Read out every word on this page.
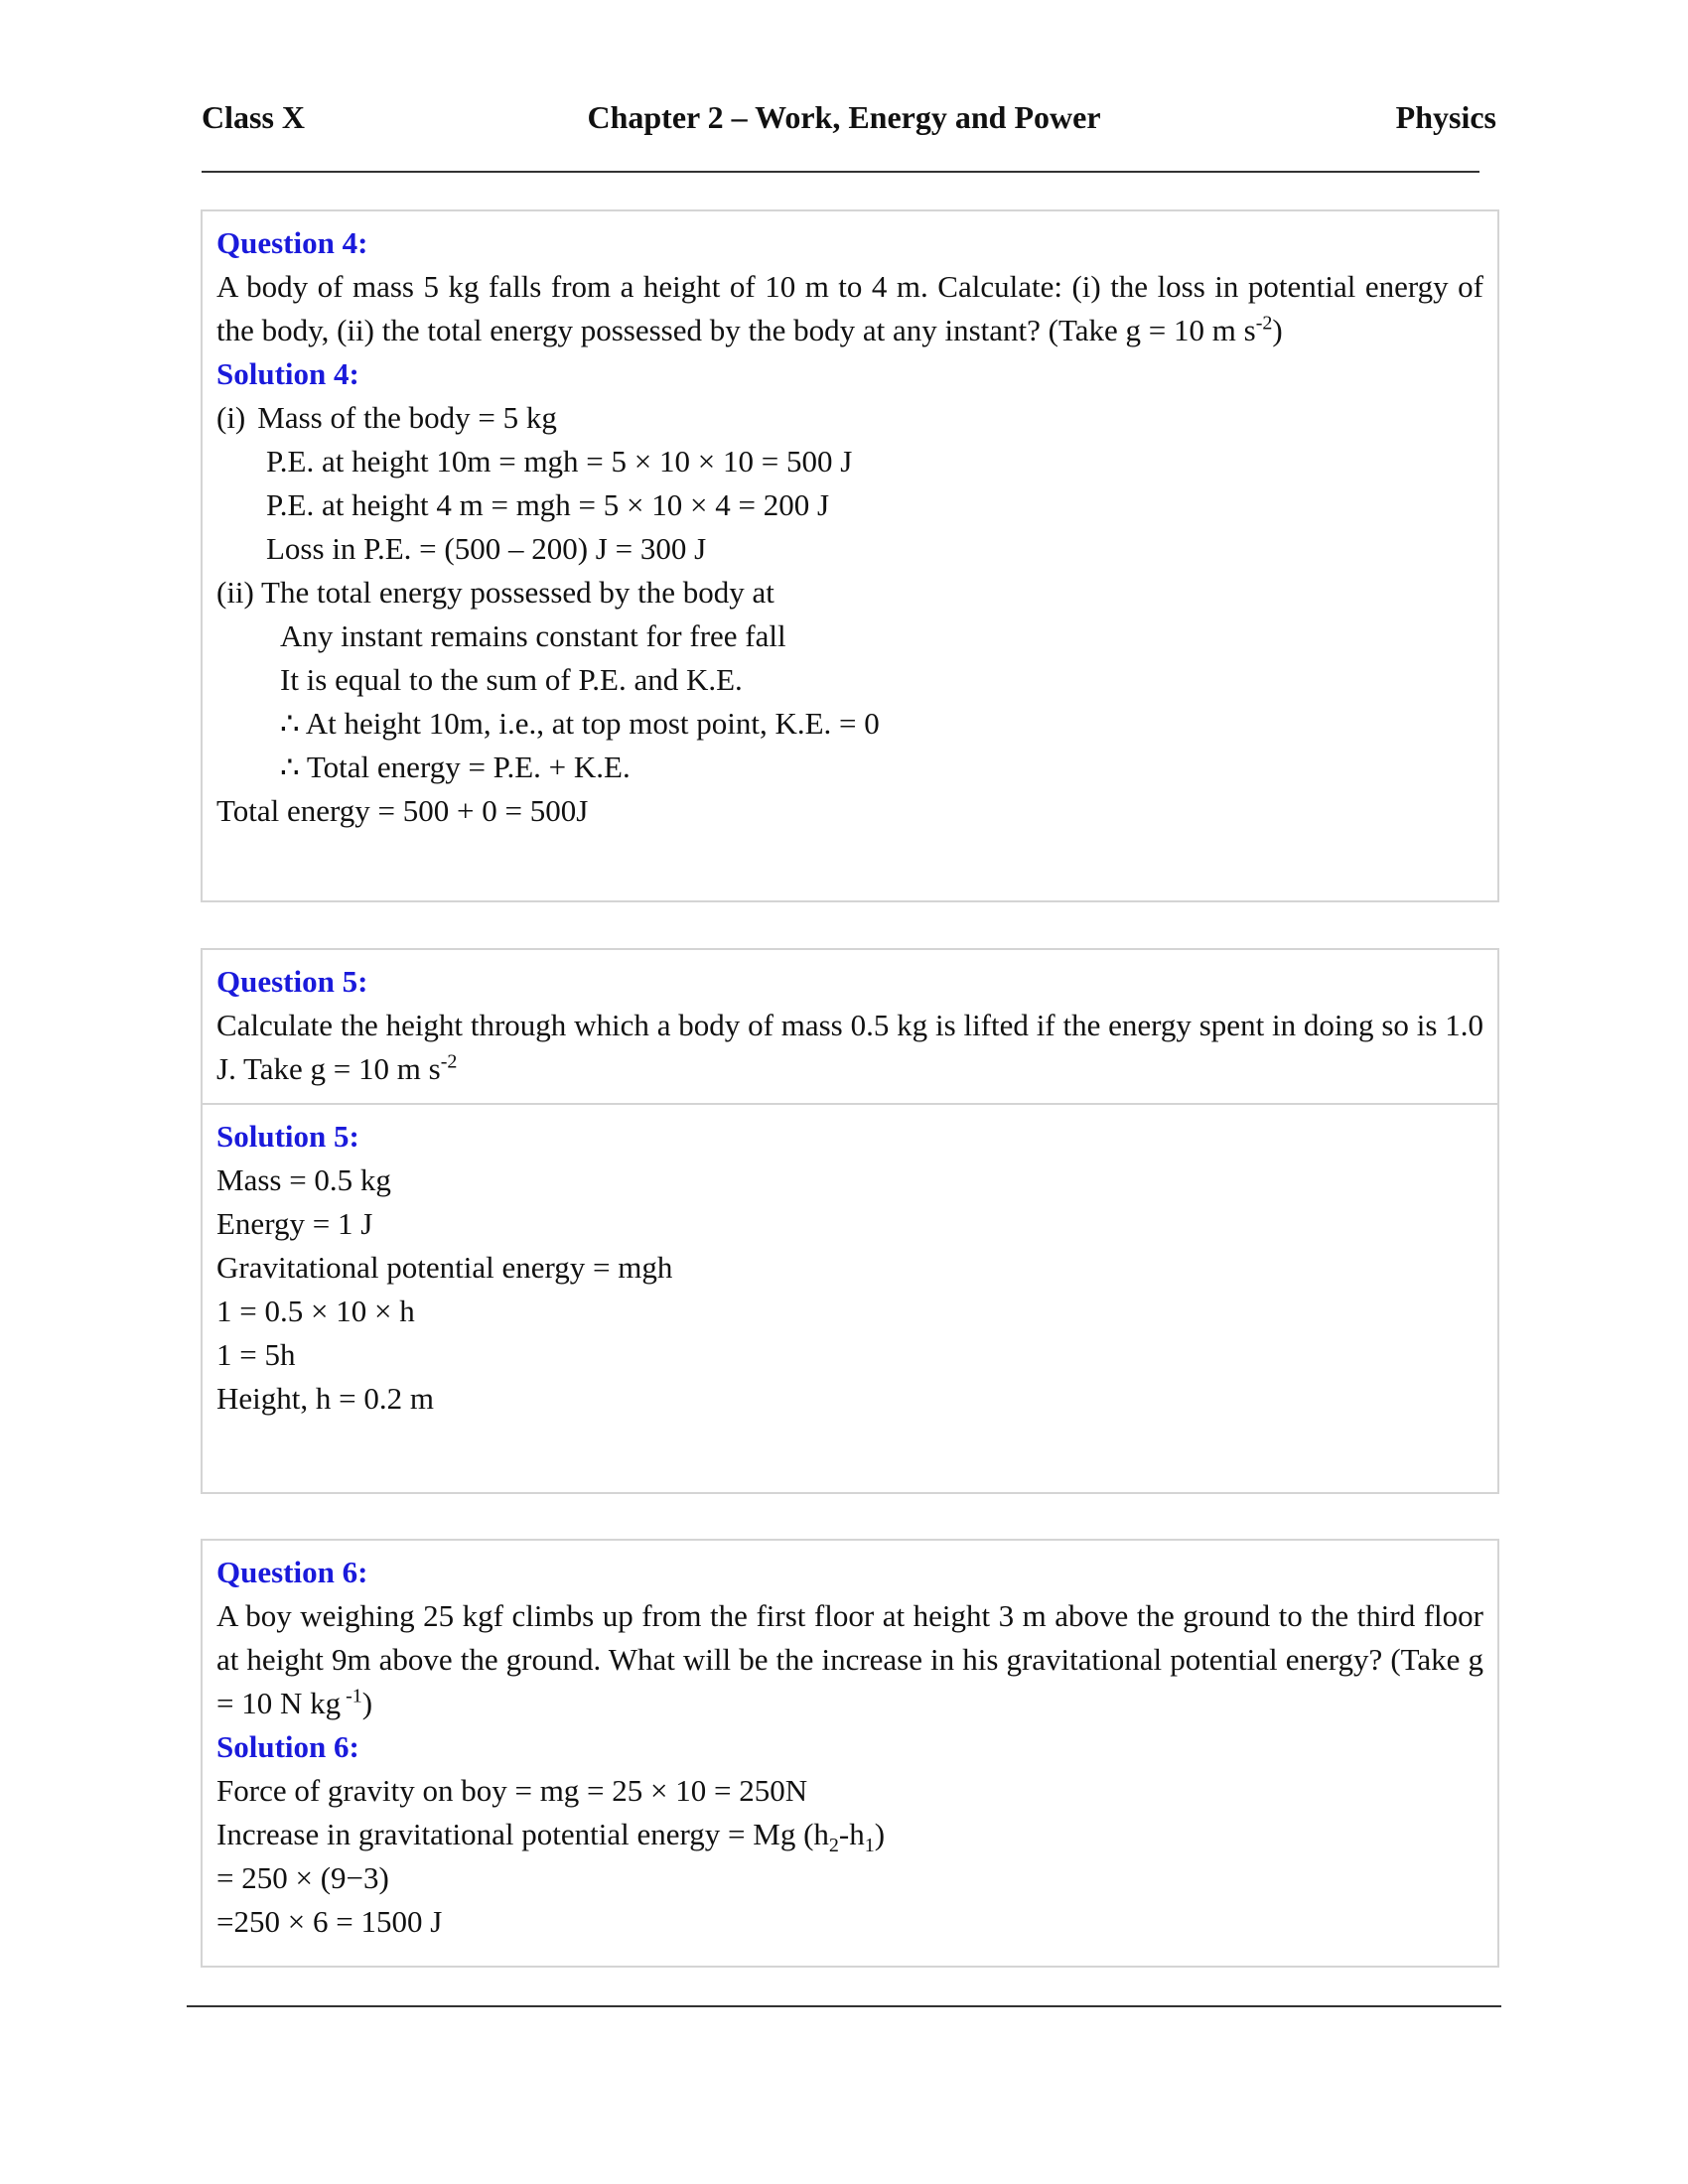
Chapter 2 – Work, Energy and Power
Class X	Physics
Question 4:
A body of mass 5 kg falls from a height of 10 m to 4 m. Calculate: (i) the loss in potential energy of the body, (ii) the total energy possessed by the body at any instant? (Take g = 10 m $s^{-2}$)
Solution 4:
(i) Mass of the body = 5 kg
P.E. at height 10m = mgh = 5 × 10 × 10 = 500 J
P.E. at height 4 m = mgh = 5 × 10 × 4 = 200 J
Loss in P.E. = (500 – 200) J = 300 J
(ii) The total energy possessed by the body at
Any instant remains constant for free fall
It is equal to the sum of P.E. and K.E.
∴ At height 10m, i.e., at top most point, K.E. = 0
∴ Total energy = P.E. + K.E.
Total energy = 500 + 0 = 500J
Question 5:
Calculate the height through which a body of mass 0.5 kg is lifted if the energy spent in doing so is 1.0 J. Take g = 10 m $s^{-2}$
Solution 5:
Mass = 0.5 kg
Energy = 1 J
Gravitational potential energy = mgh
1 = 0.5 × 10 × h
1 = 5h
Height, h = 0.2 m
Question 6:
A boy weighing 25 kgf climbs up from the first floor at height 3 m above the ground to the third floor at height 9m above the ground. What will be the increase in his gravitational potential energy? (Take g = 10 N kg $^{-1}$)
Solution 6:
Force of gravity on boy = mg = 25 × 10 = 250N
Increase in gravitational potential energy = Mg $(h_2-h_1)$
= 250 × (9−3)
=250 × 6 = 1500 J
